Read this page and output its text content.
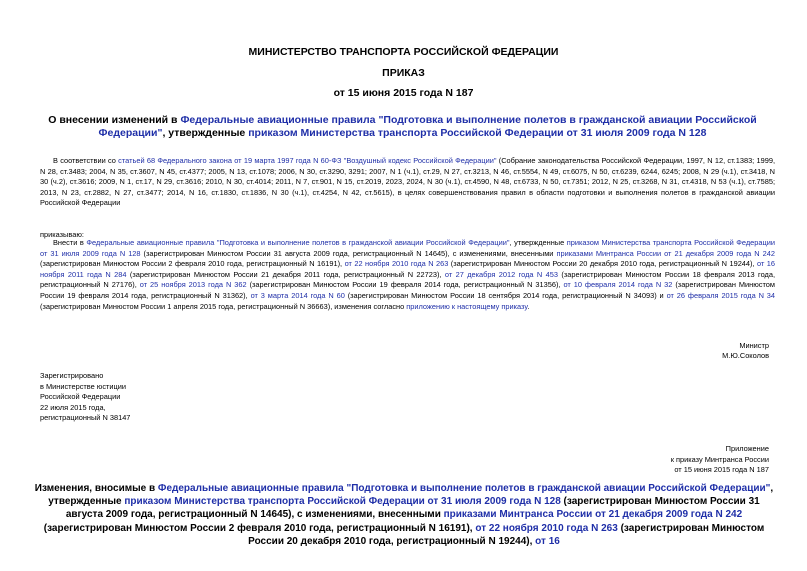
МИНИСТЕРСТВО ТРАНСПОРТА РОССИЙСКОЙ ФЕДЕРАЦИИ
ПРИКАЗ
от 15 июня 2015 года N 187
О внесении изменений в Федеральные авиационные правила "Подготовка и выполнение полетов в гражданской авиации Российской Федерации", утвержденные приказом Министерства транспорта Российской Федерации от 31 июля 2009 года N 128
В соответствии со статьей 68 Федерального закона от 19 марта 1997 года N 60-ФЗ "Воздушный кодекс Российской Федерации" (Собрание законодательства Российской Федерации, 1997, N 12, ст.1383; 1999, N 28, ст.3483; 2004, N 35, ст.3607, N 45, ст.4377; 2005, N 13, ст.1078; 2006, N 30, ст.3290, 3291; 2007, N 1 (ч.1), ст.29, N 27, ст.3213, N 46, ст.5554, N 49, ст.6075, N 50, ст.6239, 6244, 6245; 2008, N 29 (ч.1), ст.3418, N 30 (ч.2), ст.3616; 2009, N 1, ст.17, N 29, ст.3616; 2010, N 30, ст.4014; 2011, N 7, ст.901, N 15, ст.2019, 2023, 2024, N 30 (ч.1), ст.4590, N 48, ст.6733, N 50, ст.7351; 2012, N 25, ст.3268, N 31, ст.4318, N 53 (ч.1), ст.7585; 2013, N 23, ст.2882, N 27, ст.3477; 2014, N 16, ст.1830, ст.1836, N 30 (ч.1), ст.4254, N 42, ст.5615), в целях совершенствования правил в области подготовки и выполнения полетов в гражданской авиации Российской Федерации
приказываю:
Внести в Федеральные авиационные правила "Подготовка и выполнение полетов в гражданской авиации Российской Федерации", утвержденные приказом Министерства транспорта Российской Федерации от 31 июля 2009 года N 128 (зарегистрирован Минюстом России 31 августа 2009 года, регистрационный N 14645), с изменениями, внесенными приказами Минтранса России от 21 декабря 2009 года N 242 (зарегистрирован Минюстом России 2 февраля 2010 года, регистрационный N 16191), от 22 ноября 2010 года N 263 (зарегистрирован Минюстом России 20 декабря 2010 года, регистрационный N 19244), от 16 ноября 2011 года N 284 (зарегистрирован Минюстом России 21 декабря 2011 года, регистрационный N 22723), от 27 декабря 2012 года N 453 (зарегистрирован Минюстом России 18 февраля 2013 года, регистрационный N 27176), от 25 ноября 2013 года N 362 (зарегистрирован Минюстом России 19 февраля 2014 года, регистрационный N 31356), от 10 февраля 2014 года N 32 (зарегистрирован Минюстом России 19 февраля 2014 года, регистрационный N 31362), от 3 марта 2014 года N 60 (зарегистрирован Минюстом России 18 сентября 2014 года, регистрационный N 34093) и от 26 февраля 2015 года N 34 (зарегистрирован Минюстом России 1 апреля 2015 года, регистрационный N 36663), изменения согласно приложению к настоящему приказу.
Министр
М.Ю.Соколов
Зарегистрировано
в Министерстве юстиции
Российской Федерации
22 июля 2015 года,
регистрационный N 38147
Приложение
к приказу Минтранса России
от 15 июня 2015 года N 187
Изменения, вносимые в Федеральные авиационные правила "Подготовка и выполнение полетов в гражданской авиации Российской Федерации", утвержденные приказом Министерства транспорта Российской Федерации от 31 июля 2009 года N 128 (зарегистрирован Минюстом России 31 августа 2009 года, регистрационный N 14645), с изменениями, внесенными приказами Минтранса России от 21 декабря 2009 года N 242 (зарегистрирован Минюстом России 2 февраля 2010 года, регистрационный N 16191), от 22 ноября 2010 года N 263 (зарегистрирован Минюстом России 20 декабря 2010 года, регистрационный N 19244), от 16
